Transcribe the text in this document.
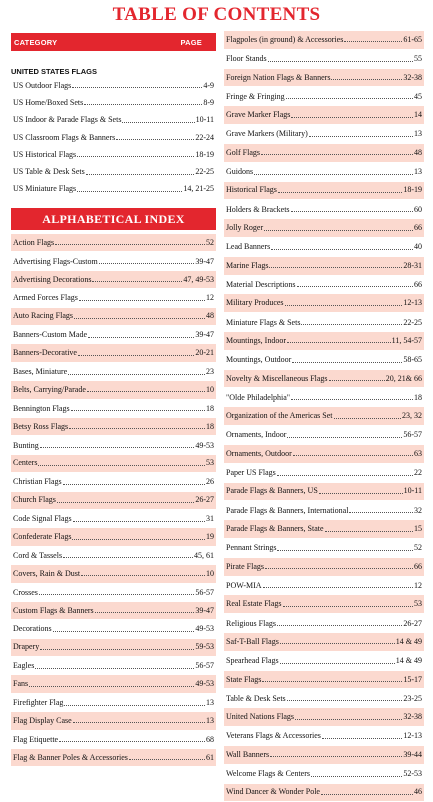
TABLE OF CONTENTS
CATEGORY	PAGE
UNITED STATES FLAGS
US Outdoor Flags	4-9
US Home/Boxed Sets	8-9
US Indoor & Parade Flags & Sets	10-11
US Classroom Flags & Banners	22-24
US Historical Flags	18-19
US Table & Desk Sets	22-25
US Miniature Flags	14, 21-25
ALPHABETICAL INDEX
Action Flags	52
Advertising Flags-Custom	39-47
Advertising Decorations	47, 49-53
Armed Forces Flags	12
Auto Racing Flags	48
Banners-Custom Made	39-47
Banners-Decorative	20-21
Bases, Miniature	23
Belts, Carrying/Parade	10
Bennington Flags	18
Betsy Ross Flags	18
Bunting	49-53
Centers	53
Christian Flags	26
Church Flags	26-27
Code Signal Flags	31
Confederate Flags	19
Cord & Tassels	45, 61
Covers, Rain & Dust	10
Crosses	56-57
Custom Flags & Banners	39-47
Decorations	49-53
Drapery	59-53
Eagles	56-57
Fans	49-53
Firefighter Flag	13
Flag Display Case	13
Flag Etiquette	68
Flag & Banner Poles & Accessories	61
Flagpoles (in ground) & Accessories	61-65
Floor Stands	55
Foreign Nation Flags & Banners	32-38
Fringe & Fringing	45
Grave Marker Flags	14
Grave Markers (Military)	13
Golf Flags	48
Guidons	13
Historical Flags	18-19
Holders & Brackets	60
Jolly Roger	66
Lead Banners	40
Marine Flags	28-31
Material Descriptions	66
Military Produces	12-13
Miniature Flags & Sets	22-25
Mountings, Indoor	11, 54-57
Mountings, Outdoor	58-65
Novelty & Miscellaneous Flags	20, 21& 66
"Olde Philadelphia"	18
Organization of the Americas Set	23, 32
Ornaments, Indoor	56-57
Ornaments, Outdoor	63
Paper US Flags	22
Parade Flags & Banners, US	10-11
Parade Flags & Banners, International	32
Parade Flags & Banners, State	15
Pennant Strings	52
Pirate Flags	66
POW-MIA	12
Real Estate Flags	53
Religious Flags	26-27
Saf-T-Ball Flags	14 & 49
Spearhead Flags	14 & 49
State Flags	15-17
Table & Desk Sets	23-25
United Nations Flags	32-38
Veterans Flags & Accessories	12-13
Wall Banners	39-44
Welcome Flags & Centers	52-53
Wind Dancer & Wonder Pole	46
